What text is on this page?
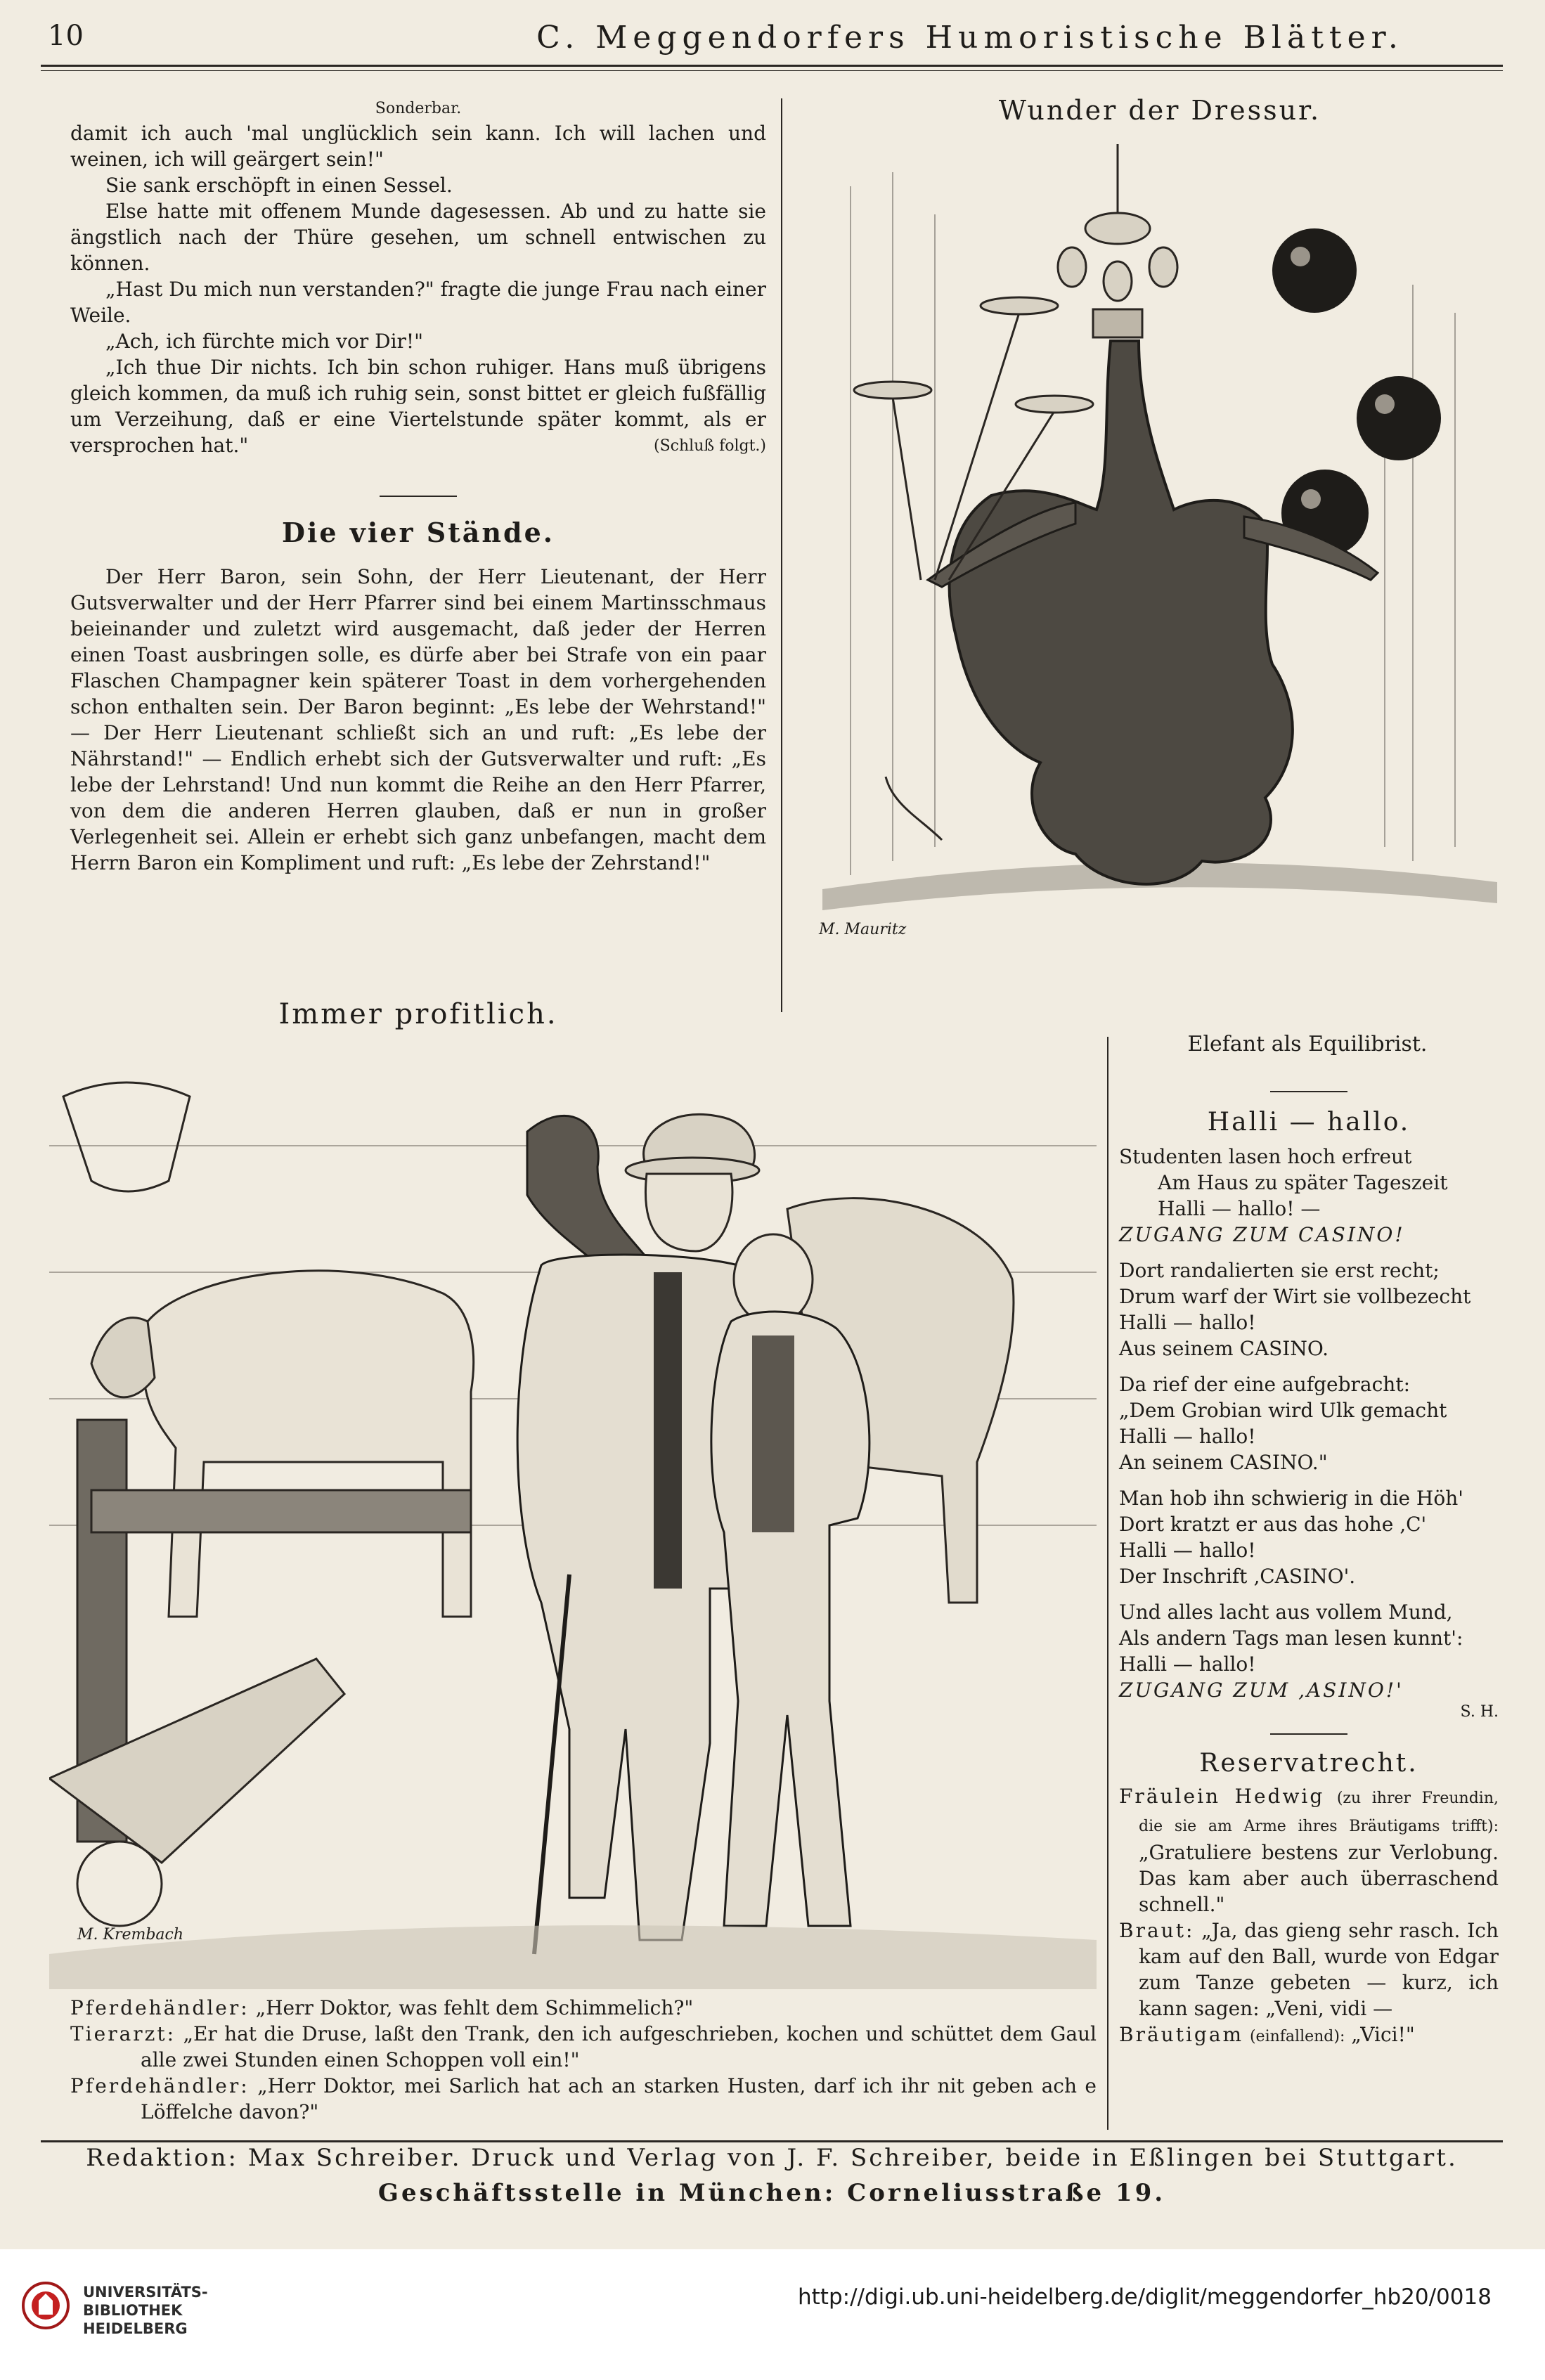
10	C. Meggendorfers Humoristische Blätter.
Sonderbar.

damit ich auch 'mal unglücklich sein kann. Ich will lachen und weinen, ich will geärgert sein!"

Sie sank erschöpft in einen Sessel.

Else hatte mit offenem Munde dagesessen. Ab und zu hatte sie ängstlich nach der Thüre gesehen, um schnell entwischen zu können.

„Hast Du mich nun verstanden?" fragte die junge Frau nach einer Weile.

„Ach, ich fürchte mich vor Dir!"

„Ich thue Dir nichts. Ich bin schon ruhiger. Hans muß übrigens gleich kommen, da muß ich ruhig sein, sonst bittet er gleich fußfällig um Verzeihung, daß er eine Viertelstunde später kommt, als er versprochen hat."	(Schluß folgt.)
Die vier Stände.

Der Herr Baron, sein Sohn, der Herr Lieutenant, der Herr Gutsverwalter und der Herr Pfarrer sind bei einem Martinsschmaus beieinander und zuletzt wird ausgemacht, daß jeder der Herren einen Toast ausbringen solle, es dürfe aber bei Strafe von ein paar Flaschen Champagner kein späterer Toast in dem vorhergehenden schon enthalten sein. Der Baron beginnt: „Es lebe der Wehrstand!" — Der Herr Lieutenant schließt sich an und ruft: „Es lebe der Nährstand!" — Endlich erhebt sich der Gutsverwalter und ruft: „Es lebe der Lehrstand! Und nun kommt die Reihe an den Herr Pfarrer, von dem die anderen Herren glauben, daß er nun in großer Verlegenheit sei. Allein er erhebt sich ganz unbefangen, macht dem Herrn Baron ein Kompliment und ruft: „Es lebe der Zehrstand!"

Immer profitlich.
Wunder der Dressur.
M. Mauritz
Elefant als Equilibrist.
M. Krembach

Pferdehändler: „Herr Doktor, was fehlt dem Schimmelich?"

Tierarzt: „Er hat die Druse, laßt den Trank, den ich aufgeschrieben, kochen und schüttet dem Gaul alle zwei Stunden einen Schoppen voll ein!"

Pferdehändler: „Herr Doktor, mei Sarlich hat ach an starken Husten, darf ich ihr nit geben ach e Löffelche davon?"

Halli — hallo.

Studenten lasen hoch erfreut

Am Haus zu später Tageszeit

Halli — hallo! —

ZUGANG ZUM CASINO!

Dort randalierten sie erst recht;

Drum warf der Wirt sie vollbezecht

Halli — hallo!

Aus seinem CASINO.

Da rief der eine aufgebracht:

„Dem Grobian wird Ulk gemacht

Halli — hallo!

An seinem CASINO."

Man hob ihn schwierig in die Höh'

Dort kratzt er aus das hohe ‚C'

Halli — hallo!

Der Inschrift ‚CASINO'.

Und alles lacht aus vollem Mund,

Als andern Tags man lesen kunnt':

Halli — hallo!

ZUGANG ZUM ‚ASINO!'

S. H.
Reservatrecht.

Fräulein Hedwig (zu ihrer Freundin, die sie am Arme ihres Bräutigams trifft): „Gratuliere bestens zur Verlobung. Das kam aber auch überraschend schnell."

Braut: „Ja, das gieng sehr rasch. Ich kam auf den Ball, wurde von Edgar zum Tanze gebeten — kurz, ich kann sagen: „Veni, vidi —

Bräutigam (einfallend): „Vici!"

Redaktion: Max Schreiber. Druck und Verlag von J. F. Schreiber, beide in Eßlingen bei Stuttgart.
Geschäftsstelle in München: Corneliusstraße 19.
UNIVERSITÄTS-
BIBLIOTHEK
HEIDELBERG
http://digi.ub.uni-heidelberg.de/diglit/meggendorfer_hb20/0018
